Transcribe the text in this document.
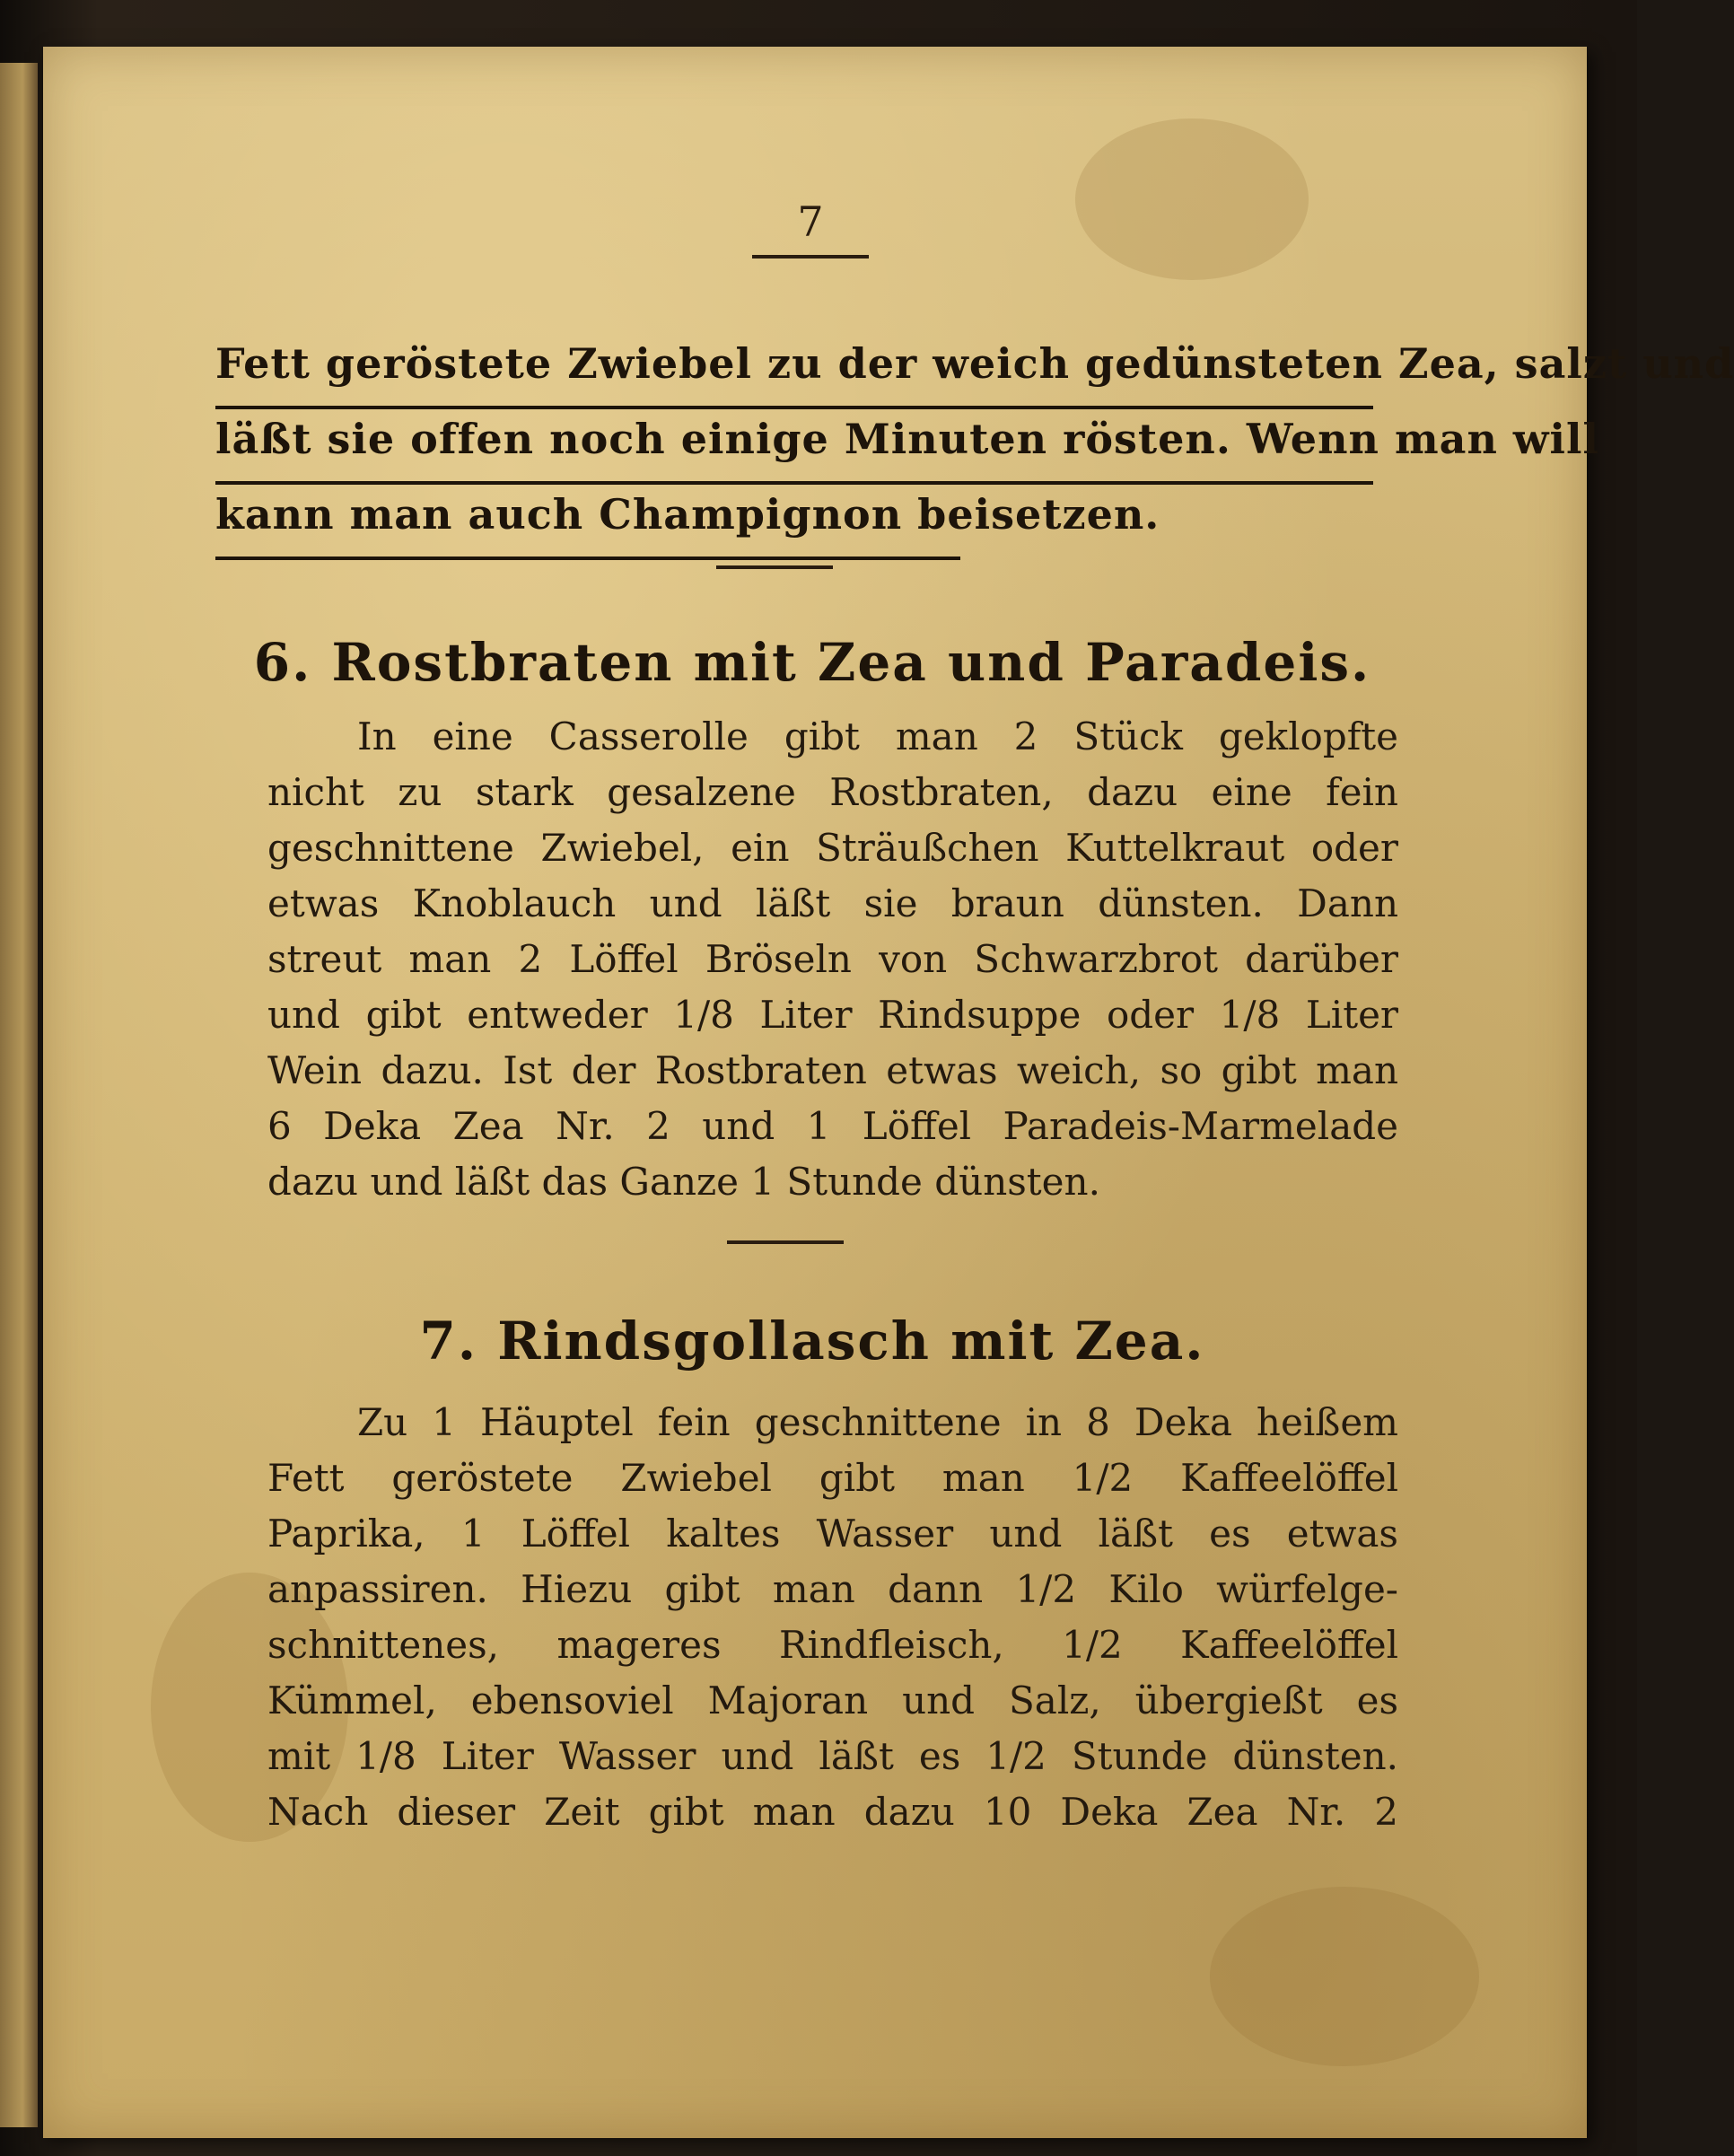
7
Fett geröstete Zwiebel zu der weich gedünsteten Zea, salzt und
läßt sie offen noch einige Minuten rösten. Wenn man will
kann man auch Champignon beisetzen.
6. Rostbraten mit Zea und Paradeis.
In eine Casserolle gibt man 2 Stück geklopfte
nicht zu stark gesalzene Rostbraten, dazu eine fein
geschnittene Zwiebel, ein Sträußchen Kuttelkraut oder
etwas Knoblauch und läßt sie braun dünsten. Dann
streut man 2 Löffel Bröseln von Schwarzbrot darüber
und gibt entweder 1/8 Liter Rindsuppe oder 1/8 Liter
Wein dazu. Ist der Rostbraten etwas weich, so gibt man
6 Deka Zea Nr. 2 und 1 Löffel Paradeis-Marmelade
dazu und läßt das Ganze 1 Stunde dünsten.
7. Rindsgollasch mit Zea.
Zu 1 Häuptel fein geschnittene in 8 Deka heißem
Fett geröstete Zwiebel gibt man 1/2 Kaffeelöffel
Paprika, 1 Löffel kaltes Wasser und läßt es etwas
anpassiren. Hiezu gibt man dann 1/2 Kilo würfelge-
schnittenes, mageres Rindfleisch, 1/2 Kaffeelöffel
Kümmel, ebensoviel Majoran und Salz, übergießt es
mit 1/8 Liter Wasser und läßt es 1/2 Stunde dünsten.
Nach dieser Zeit gibt man dazu 10 Deka Zea Nr. 2
